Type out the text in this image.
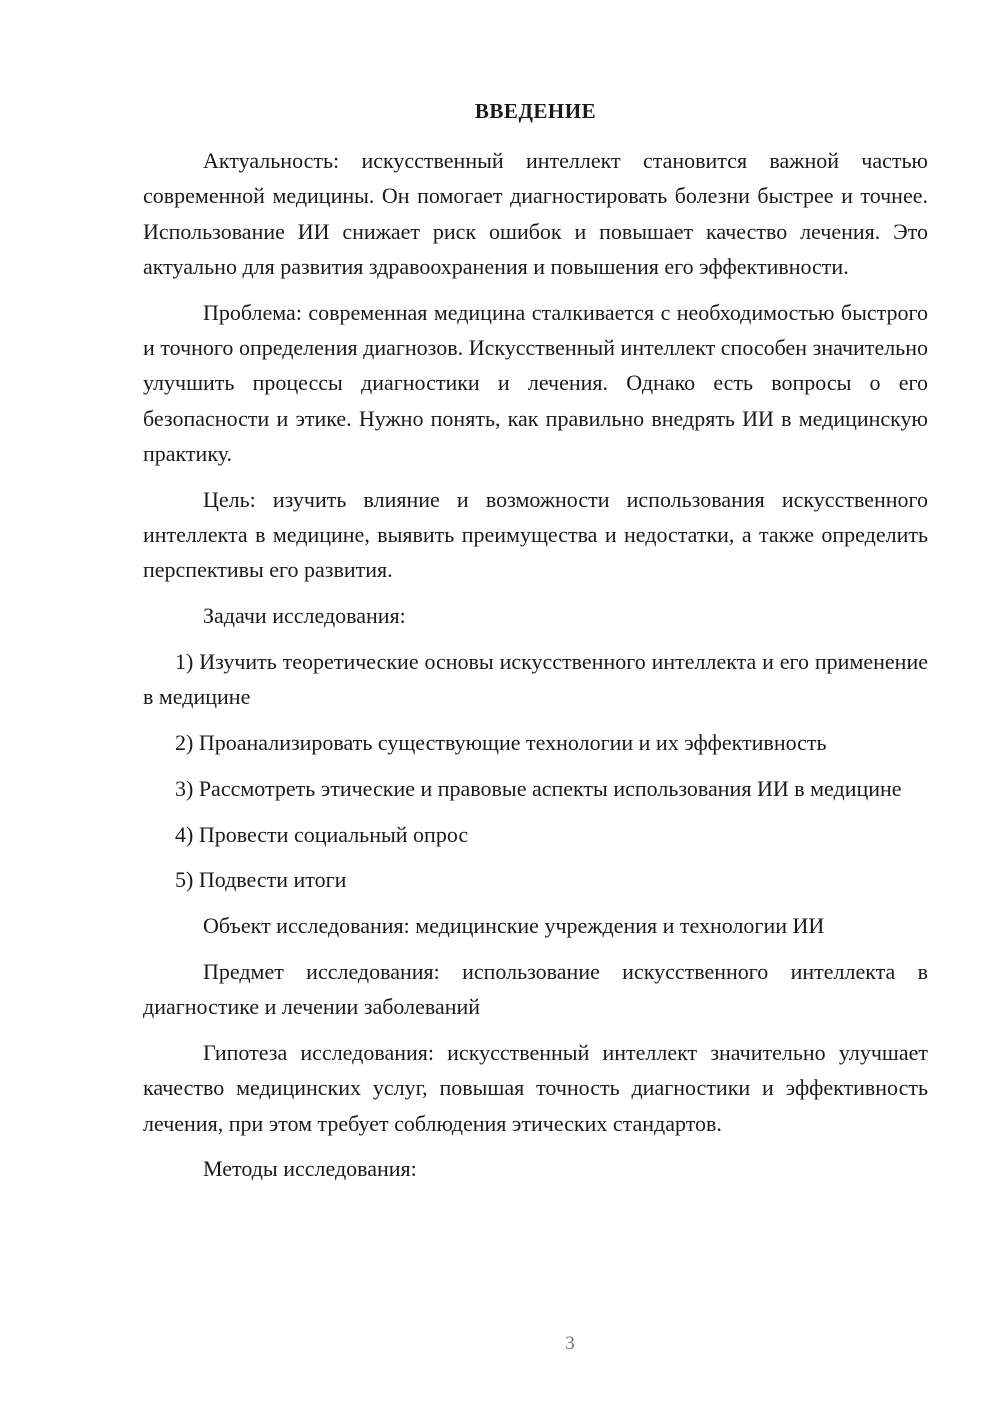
ВВЕДЕНИЕ

Актуальность: искусственный интеллект становится важной частью современной медицины. Он помогает диагностировать болезни быстрее и точнее. Использование ИИ снижает риск ошибок и повышает качество лечения. Это актуально для развития здравоохранения и повышения его эффективности.

Проблема: современная медицина сталкивается с необходимостью быстрого и точного определения диагнозов. Искусственный интеллект способен значительно улучшить процессы диагностики и лечения. Однако есть вопросы о его безопасности и этике. Нужно понять, как правильно внедрять ИИ в медицинскую практику.

Цель: изучить влияние и возможности использования искусственного интеллекта в медицине, выявить преимущества и недостатки, а также определить перспективы его развития.

Задачи исследования:

1) Изучить теоретические основы искусственного интеллекта и его применение в медицине

2) Проанализировать существующие технологии и их эффективность

3) Рассмотреть этические и правовые аспекты использования ИИ в медицине

4) Провести социальный опрос

5) Подвести итоги

Объект исследования: медицинские учреждения и технологии ИИ

Предмет исследования: использование искусственного интеллекта в диагностике и лечении заболеваний

Гипотеза исследования: искусственный интеллект значительно улучшает качество медицинских услуг, повышая точность диагностики и эффективность лечения, при этом требует соблюдения этических стандартов.

Методы исследования:

3
